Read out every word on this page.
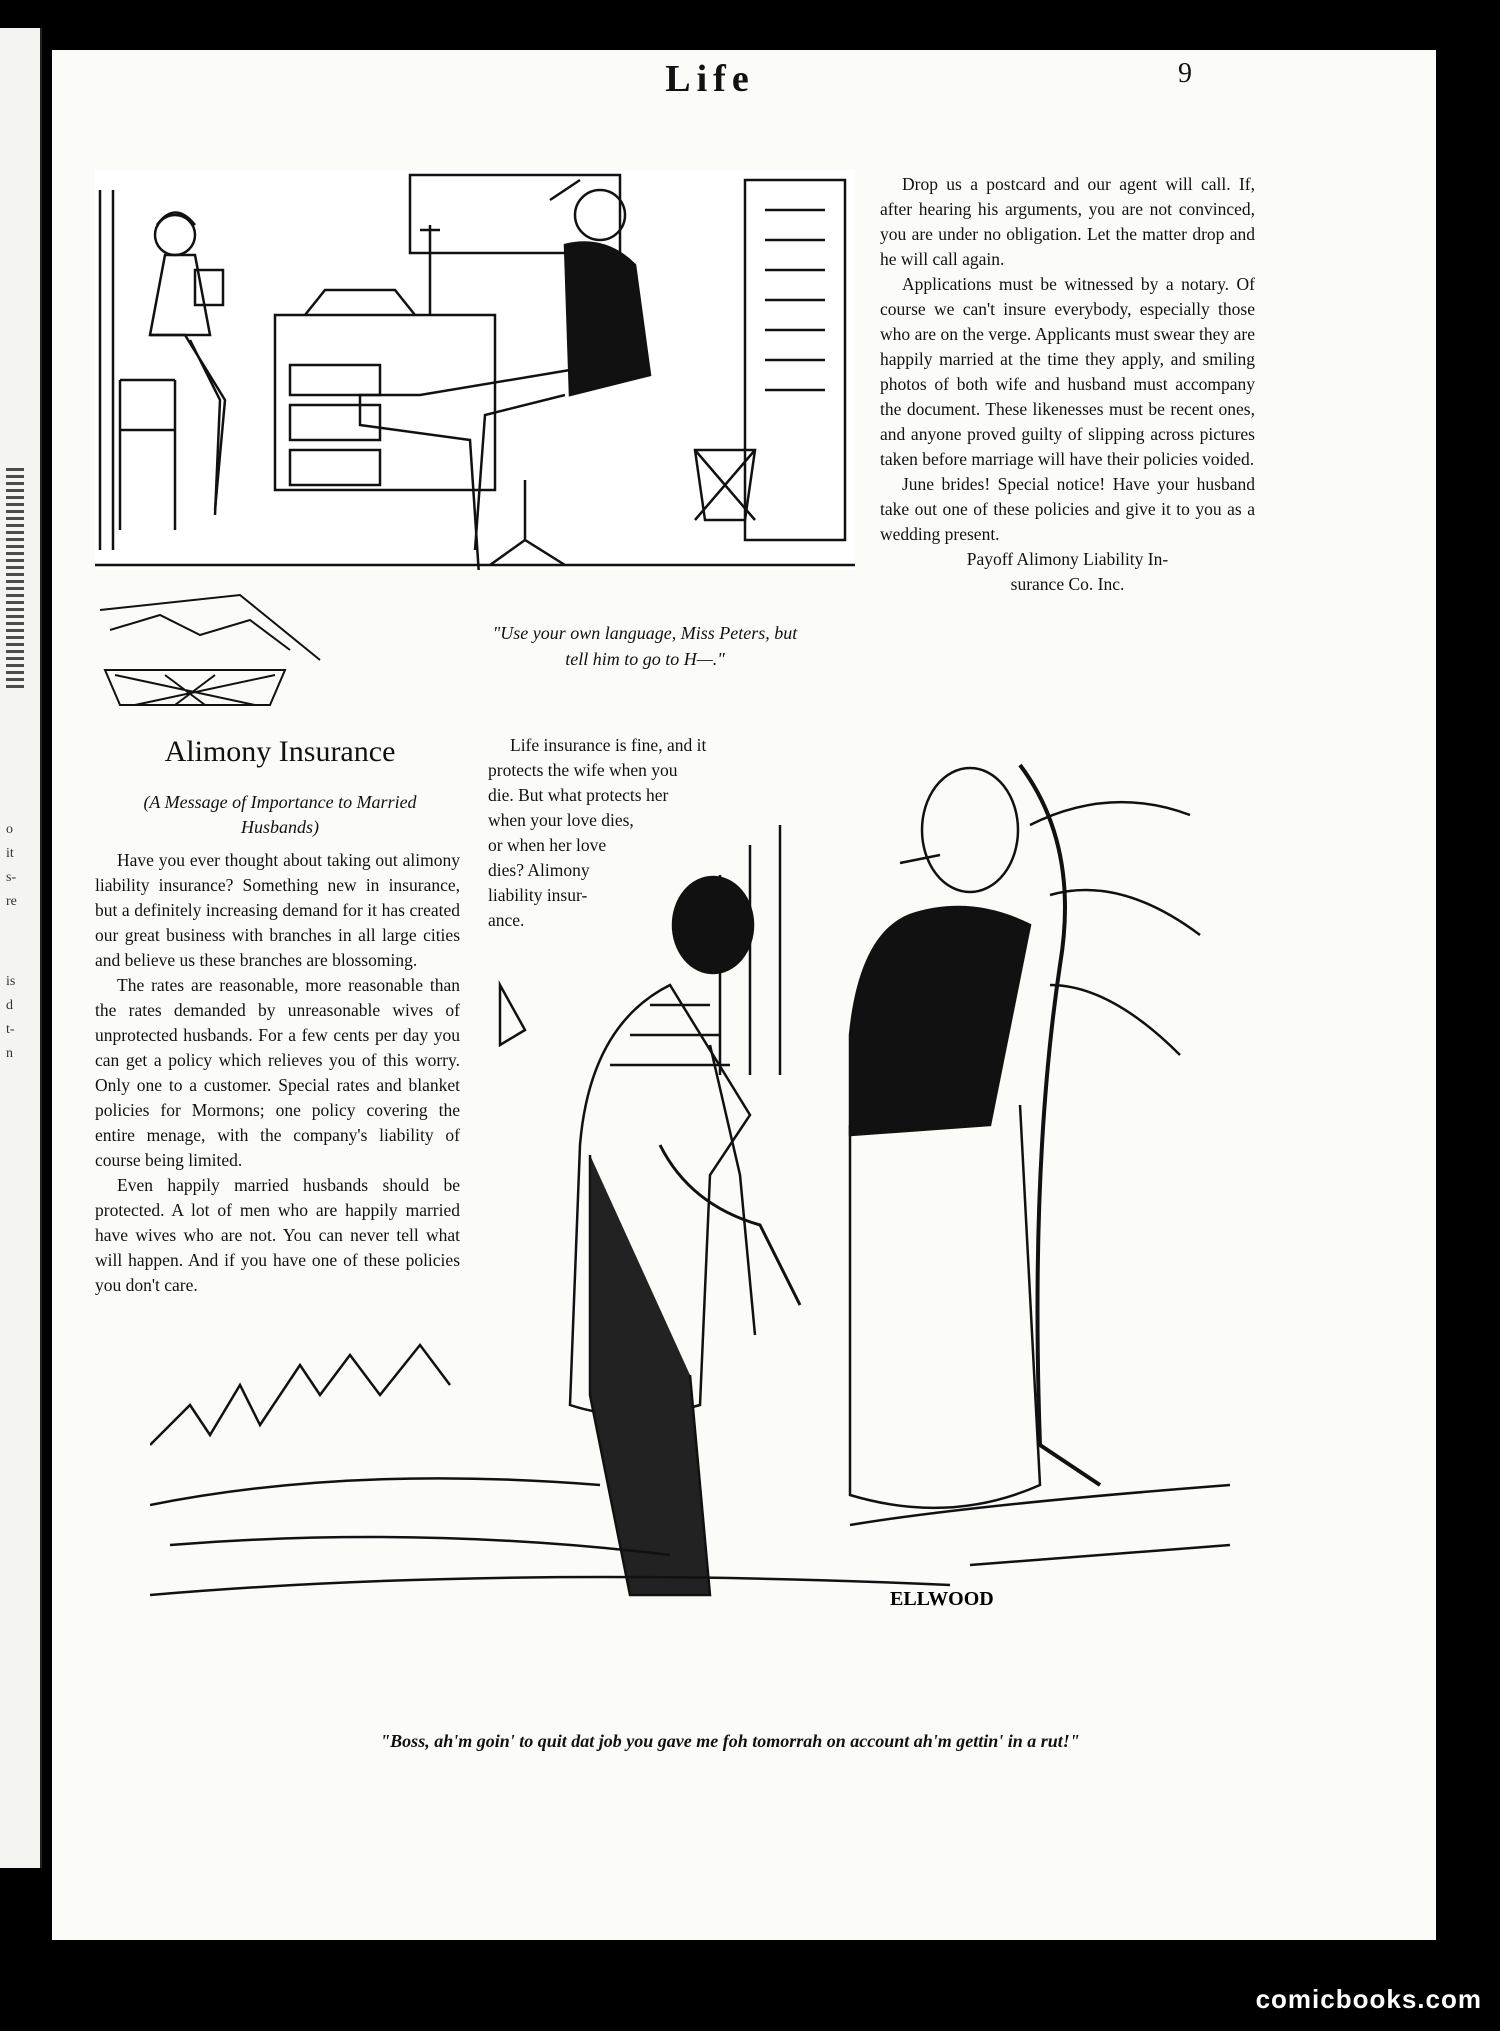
o
it
s-
re
is
d
t-
n
Life	9
"Use your own language, Miss Peters, but
tell him to go to H—."

Drop us a postcard and our agent will call. If, after hearing his arguments, you are not convinced, you are under no obligation. Let the matter drop and he will call again.

Applications must be witnessed by a notary. Of course we can't insure everybody, especially those who are on the verge. Applicants must swear they are happily married at the time they apply, and smiling photos of both wife and husband must accompany the document. These likenesses must be recent ones, and anyone proved guilty of slipping across pictures taken before marriage will have their policies voided.

June brides! Special notice! Have your husband take out one of these policies and give it to you as a wedding present.

Payoff Alimony Liability In-
surance Co. Inc.
Alimony Insurance
(A Message of Importance to Married
Husbands)

Have you ever thought about taking out alimony liability insurance? Something new in insurance, but a definitely increasing demand for it has created our great business with branches in all large cities and believe us these branches are blossoming.

The rates are reasonable, more reasonable than the rates demanded by unreasonable wives of unprotected husbands. For a few cents per day you can get a policy which relieves you of this worry. Only one to a customer. Special rates and blanket policies for Mormons; one policy covering the entire menage, with the company's liability of course being limited.

Even happily married husbands should be protected. A lot of men who are happily married have wives who are not. You can never tell what will happen. And if you have one of these policies you don't care.

ELLWOOD
Life insurance is fine, and it
protects the wife when you
die. But what protects her
when your love dies,
or when her love
dies? Alimony
liability insur-
ance.
"Boss, ah'm goin' to quit dat job you gave me foh tomorrah on account ah'm gettin' in a rut!"
comicbooks.com
